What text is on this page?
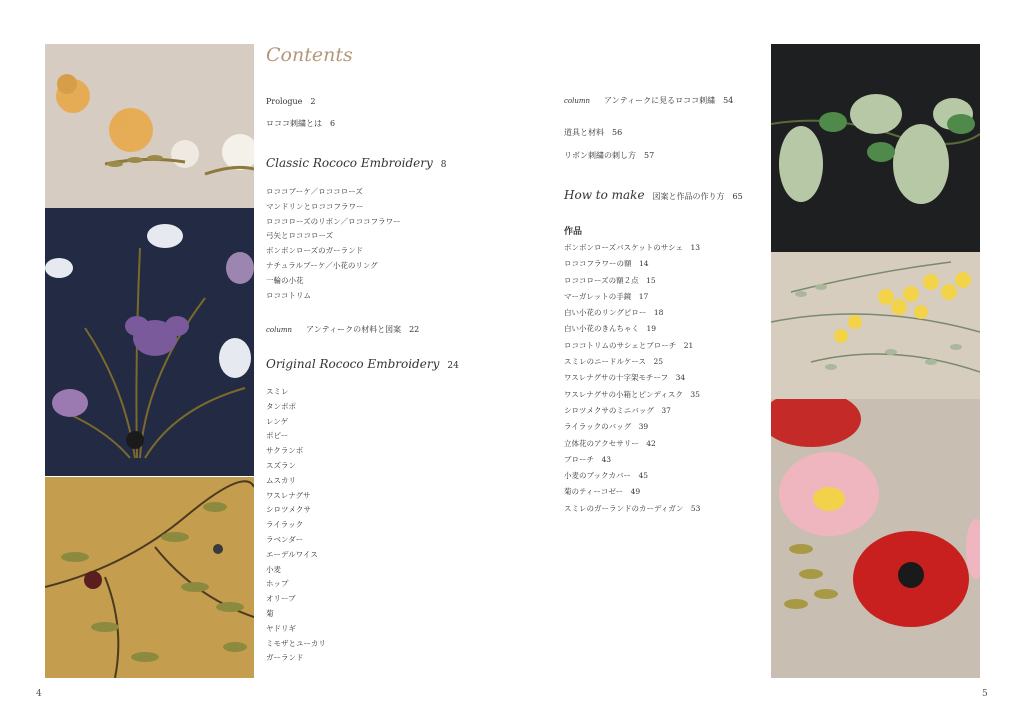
Contents
Prologue　2
ロココ刺繍とは　6
Classic Rococo Embroidery 8
ロココブーケ／ロココローズ
マンドリンとロココフラワー
ロココローズのリボン／ロココフラワー
弓矢とロココローズ
ボンボンローズのガーランド
ナチュラルブーケ／小花のリング
一輪の小花
ロココトリム
column アンティークの材料と図案　22
Original Rococo Embroidery 24
スミレ
タンポポ
レンゲ
ポピー
サクランボ
スズラン
ムスカリ
ワスレナグサ
シロツメクサ
ライラック
ラベンダー
エーデルワイス
小麦
ホップ
オリーブ
菊
ヤドリギ
ミモザとユーカリ
ガーランド
4
column アンティークに見るロココ刺繍　54
道具と材料　56
リボン刺繍の刺し方　57
How to make 図案と作品の作り方　65
作品
ボンボンローズバスケットのサシェ　13
ロココフラワーの額　14
ロココローズの額２点　15
マーガレットの手鏡　17
白い小花のリングピロー　18
白い小花のきんちゃく　19
ロココトリムのサシェとブローチ　21
スミレのニードルケース　25
ワスレナグサの十字架モチーフ　34
ワスレナグサの小箱とピンディスク　35
シロツメクサのミニバッグ　37
ライラックのバッグ　39
立体花のアクセサリー　42
ブローチ　43
小麦のブックカバー　45
菊のティーコゼー　49
スミレのガーランドのカーディガン　53
5
